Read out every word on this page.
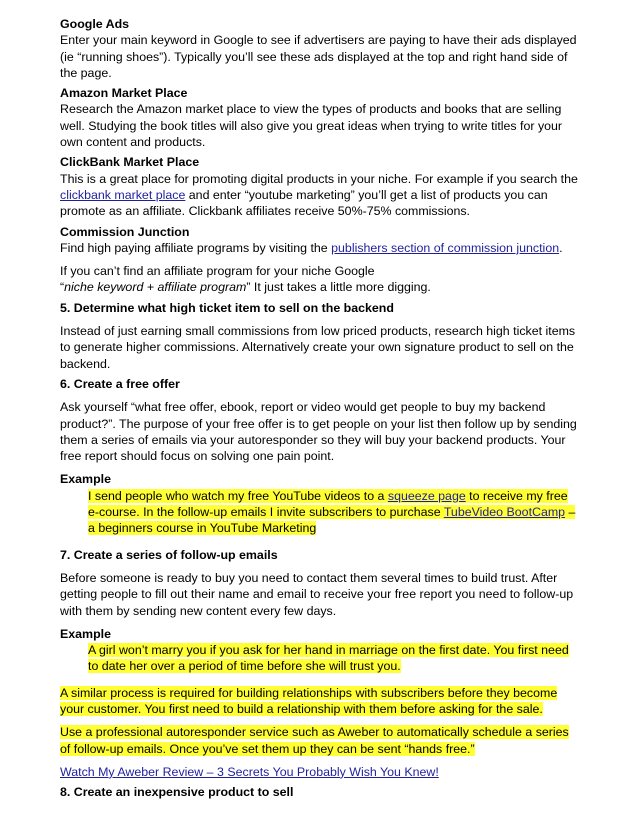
Google Ads

Enter your main keyword in Google to see if advertisers are paying to have their ads displayed (ie “running shoes”). Typically you’ll see these ads displayed at the top and right hand side of the page.

Amazon Market Place

Research the Amazon market place to view the types of products and books that are selling well. Studying the book titles will also give you great ideas when trying to write titles for your own content and products.

ClickBank Market Place

This is a great place for promoting digital products in your niche. For example if you search the clickbank market place and enter “youtube marketing” you’ll get a list of products you can promote as an affiliate. Clickbank affiliates receive 50%-75% commissions.

Commission Junction

Find high paying affiliate programs by visiting the publishers section of commission junction.

If you can’t find an affiliate program for your niche Google

“niche keyword + affiliate program” It just takes a little more digging.

5. Determine what high ticket item to sell on the backend

Instead of just earning small commissions from low priced products, research high ticket items to generate higher commissions. Alternatively create your own signature product to sell on the backend.

6. Create a free offer

Ask yourself “what free offer, ebook, report or video would get people to buy my backend product?”. The purpose of your free offer is to get people on your list then follow up by sending them a series of emails via your autoresponder so they will buy your backend products. Your free report should focus on solving one pain point.

Example

I send people who watch my free YouTube videos to a squeeze page to receive my free e-course. In the follow-up emails I invite subscribers to purchase TubeVideo BootCamp – a beginners course in YouTube Marketing

7. Create a series of follow-up emails

Before someone is ready to buy you need to contact them several times to build trust. After getting people to fill out their name and email to receive your free report you need to follow-up with them by sending new content every few days.

Example

A girl won’t marry you if you ask for her hand in marriage on the first date. You first need to date her over a period of time before she will trust you.

A similar process is required for building relationships with subscribers before they become your customer. You first need to build a relationship with them before asking for the sale.

Use a professional autoresponder service such as Aweber to automatically schedule a series of follow-up emails. Once you’ve set them up they can be sent “hands free.”

Watch My Aweber Review – 3 Secrets You Probably Wish You Knew!

8. Create an inexpensive product to sell
